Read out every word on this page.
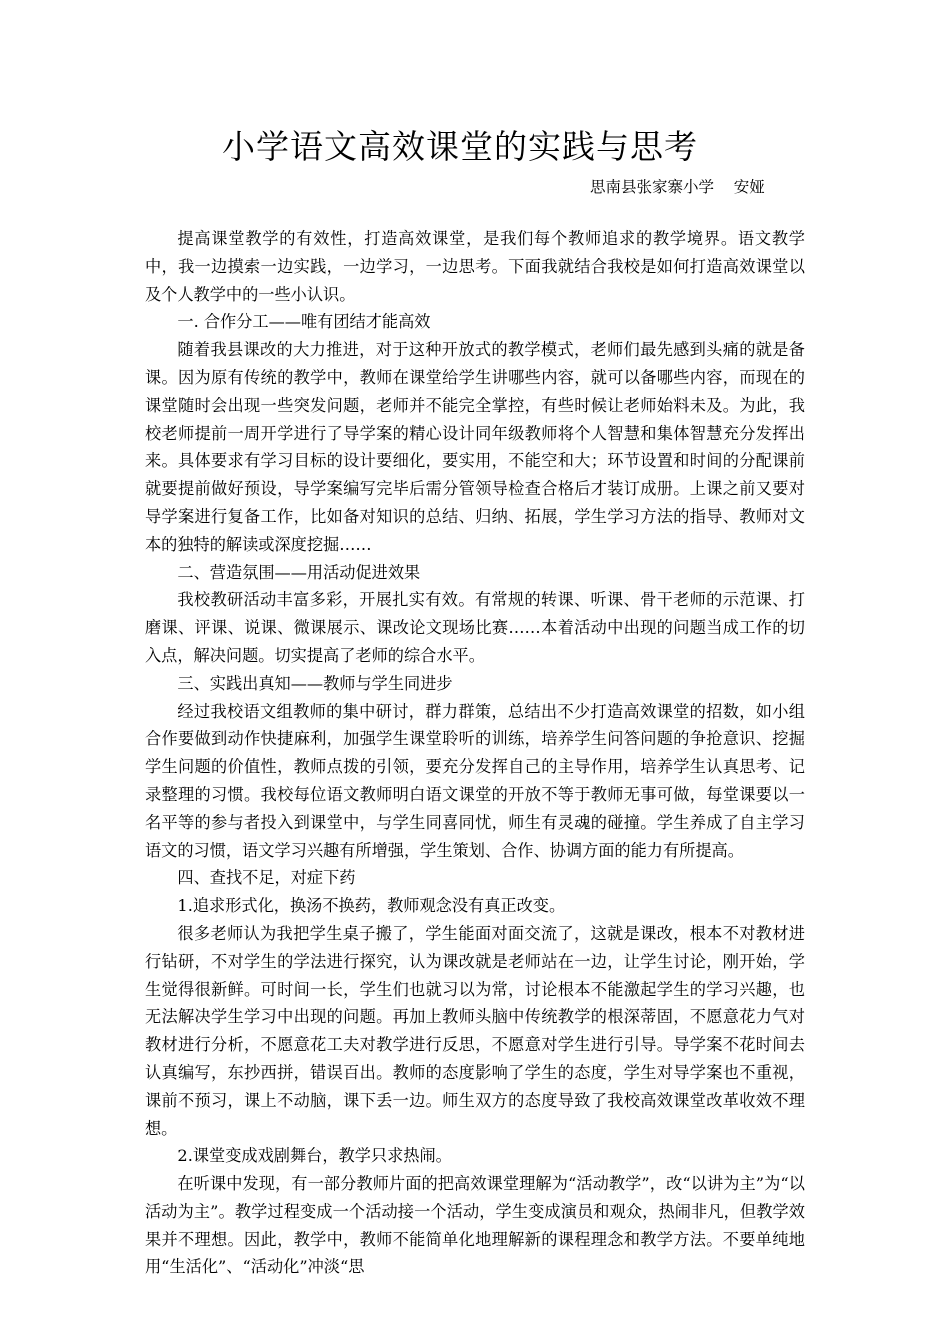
小学语文高效课堂的实践与思考
思南县张家寨小学    安娅

提高课堂教学的有效性，打造高效课堂，是我们每个教师追求的教学境界。语文教学中，我一边摸索一边实践，一边学习，一边思考。下面我就结合我校是如何打造高效课堂以及个人教学中的一些小认识。

一. 合作分工——唯有团结才能高效

随着我县课改的大力推进，对于这种开放式的教学模式，老师们最先感到头痛的就是备课。因为原有传统的教学中，教师在课堂给学生讲哪些内容，就可以备哪些内容，而现在的课堂随时会出现一些突发问题，老师并不能完全掌控，有些时候让老师始料未及。为此，我校老师提前一周开学进行了导学案的精心设计同年级教师将个人智慧和集体智慧充分发挥出来。具体要求有学习目标的设计要细化，要实用，不能空和大；环节设置和时间的分配课前就要提前做好预设，导学案编写完毕后需分管领导检查合格后才装订成册。上课之前又要对导学案进行复备工作，比如备对知识的总结、归纳、拓展，学生学习方法的指导、教师对文本的独特的解读或深度挖掘……

二、营造氛围——用活动促进效果

我校教研活动丰富多彩，开展扎实有效。有常规的转课、听课、骨干老师的示范课、打磨课、评课、说课、微课展示、课改论文现场比赛……本着活动中出现的问题当成工作的切入点，解决问题。切实提高了老师的综合水平。

三、实践出真知——教师与学生同进步

经过我校语文组教师的集中研讨，群力群策，总结出不少打造高效课堂的招数，如小组合作要做到动作快捷麻利，加强学生课堂聆听的训练，培养学生问答问题的争抢意识、挖掘学生问题的价值性，教师点拨的引领，要充分发挥自己的主导作用，培养学生认真思考、记录整理的习惯。我校每位语文教师明白语文课堂的开放不等于教师无事可做，每堂课要以一名平等的参与者投入到课堂中，与学生同喜同忧，师生有灵魂的碰撞。学生养成了自主学习语文的习惯，语文学习兴趣有所增强，学生策划、合作、协调方面的能力有所提高。

四、查找不足，对症下药

1.追求形式化，换汤不换药，教师观念没有真正改变。

很多老师认为我把学生桌子搬了，学生能面对面交流了，这就是课改，根本不对教材进行钻研，不对学生的学法进行探究，认为课改就是老师站在一边，让学生讨论，刚开始，学生觉得很新鲜。可时间一长，学生们也就习以为常，讨论根本不能激起学生的学习兴趣，也无法解决学生学习中出现的问题。再加上教师头脑中传统教学的根深蒂固，不愿意花力气对教材进行分析，不愿意花工夫对教学进行反思，不愿意对学生进行引导。导学案不花时间去认真编写，东抄西拼，错误百出。教师的态度影响了学生的态度，学生对导学案也不重视，课前不预习，课上不动脑，课下丢一边。师生双方的态度导致了我校高效课堂改革收效不理想。

2.课堂变成戏剧舞台，教学只求热闹。

在听课中发现，有一部分教师片面的把高效课堂理解为“活动教学”，改“以讲为主”为“以活动为主”。教学过程变成一个活动接一个活动，学生变成演员和观众，热闹非凡，但教学效果并不理想。因此，教学中，教师不能简单化地理解新的课程理念和教学方法。不要单纯地用“生活化”、“活动化”冲淡“思
